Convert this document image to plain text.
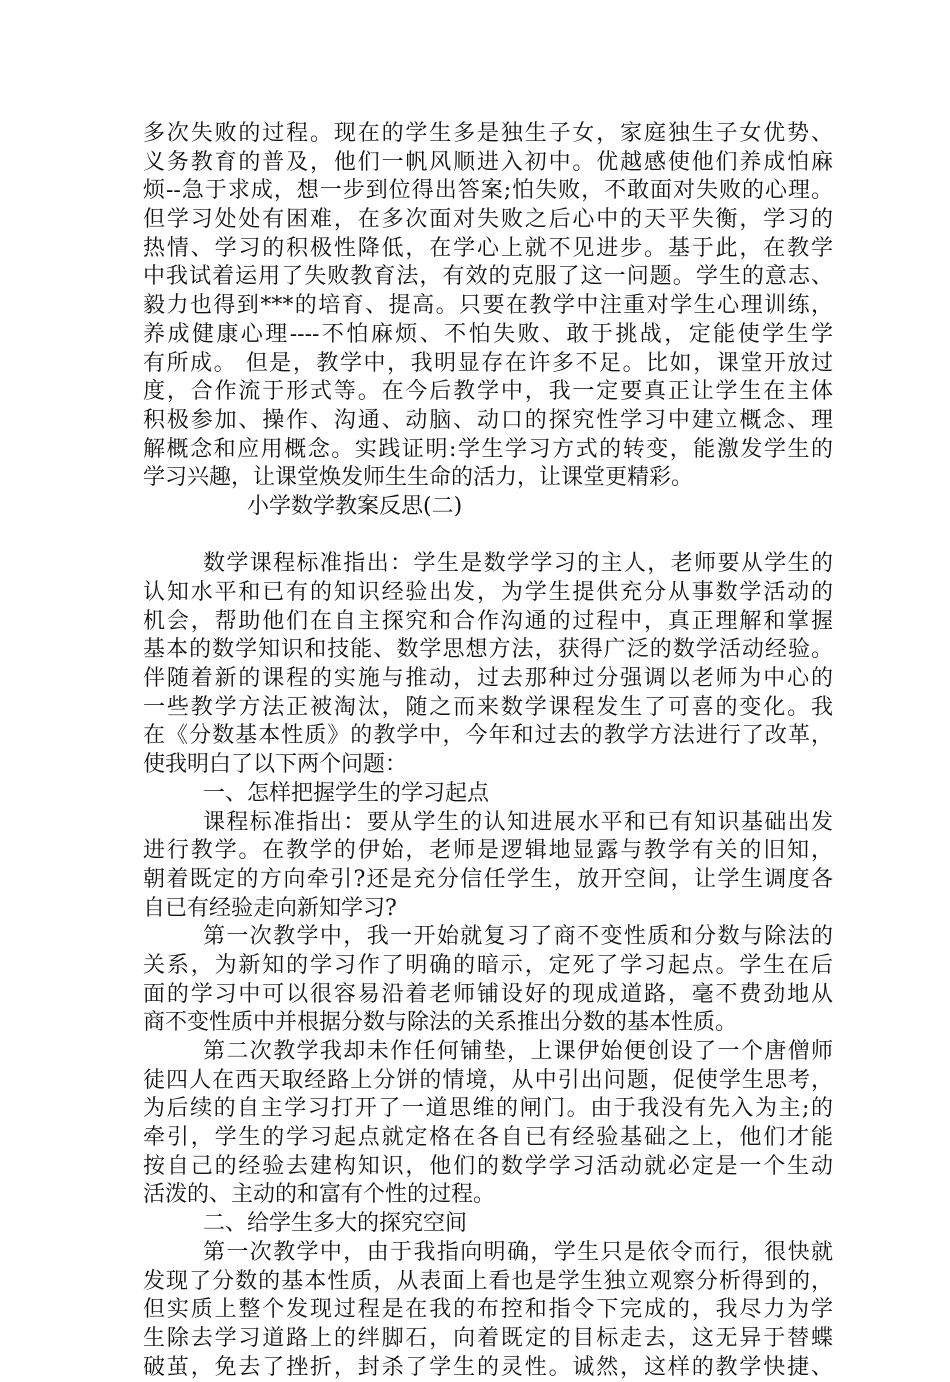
多次失败的过程。现在的学生多是独生子女，家庭独生子女优势、
义务教育的普及，他们一帆风顺进入初中。优越感使他们养成怕麻
烦--急于求成，想一步到位得出答案;怕失败，不敢面对失败的心理。
但学习处处有困难，在多次面对失败之后心中的天平失衡，学习的
热情、学习的积极性降低，在学心上就不见进步。基于此，在教学
中我试着运用了失败教育法，有效的克服了这一问题。学生的意志、
毅力也得到***的培育、提高。只要在教学中注重对学生心理训练，
养成健康心理----不怕麻烦、不怕失败、敢于挑战，定能使学生学
有所成。 但是，教学中，我明显存在许多不足。比如，课堂开放过
度，合作流于形式等。在今后教学中，我一定要真正让学生在主体
积极参加、操作、沟通、动脑、动口的探究性学习中建立概念、理
解概念和应用概念。实践证明:学生学习方式的转变，能激发学生的
学习兴趣，让课堂焕发师生生命的活力，让课堂更精彩。
小学数学教案反思(二)
数学课程标准指出：学生是数学学习的主人，老师要从学生的
认知水平和已有的知识经验出发，为学生提供充分从事数学活动的
机会，帮助他们在自主探究和合作沟通的过程中，真正理解和掌握
基本的数学知识和技能、数学思想方法，获得广泛的数学活动经验。
伴随着新的课程的实施与推动，过去那种过分强调以老师为中心的
一些教学方法正被淘汰，随之而来数学课程发生了可喜的变化。我
在《分数基本性质》的教学中，今年和过去的教学方法进行了改革，
使我明白了以下两个问题：
一、怎样把握学生的学习起点
课程标准指出：要从学生的认知进展水平和已有知识基础出发
进行教学。在教学的伊始，老师是逻辑地显露与教学有关的旧知，
朝着既定的方向牵引?还是充分信任学生，放开空间，让学生调度各
自已有经验走向新知学习?
第一次教学中，我一开始就复习了商不变性质和分数与除法的
关系，为新知的学习作了明确的暗示，定死了学习起点。学生在后
面的学习中可以很容易沿着老师铺设好的现成道路，毫不费劲地从
商不变性质中并根据分数与除法的关系推出分数的基本性质。
第二次教学我却未作任何铺垫，上课伊始便创设了一个唐僧师
徒四人在西天取经路上分饼的情境，从中引出问题，促使学生思考，
为后续的自主学习打开了一道思维的闸门。由于我没有先入为主;的
牵引，学生的学习起点就定格在各自已有经验基础之上，他们才能
按自己的经验去建构知识，他们的数学学习活动就必定是一个生动
活泼的、主动的和富有个性的过程。
二、给学生多大的探究空间
第一次教学中，由于我指向明确，学生只是依令而行，很快就
发现了分数的基本性质，从表面上看也是学生独立观察分析得到的，
但实质上整个发现过程是在我的布控和指令下完成的，我尽力为学
生除去学习道路上的绊脚石，向着既定的目标走去，这无异于替蝶
破茧，免去了挫折，封杀了学生的灵性。诚然，这样的教学快捷、
